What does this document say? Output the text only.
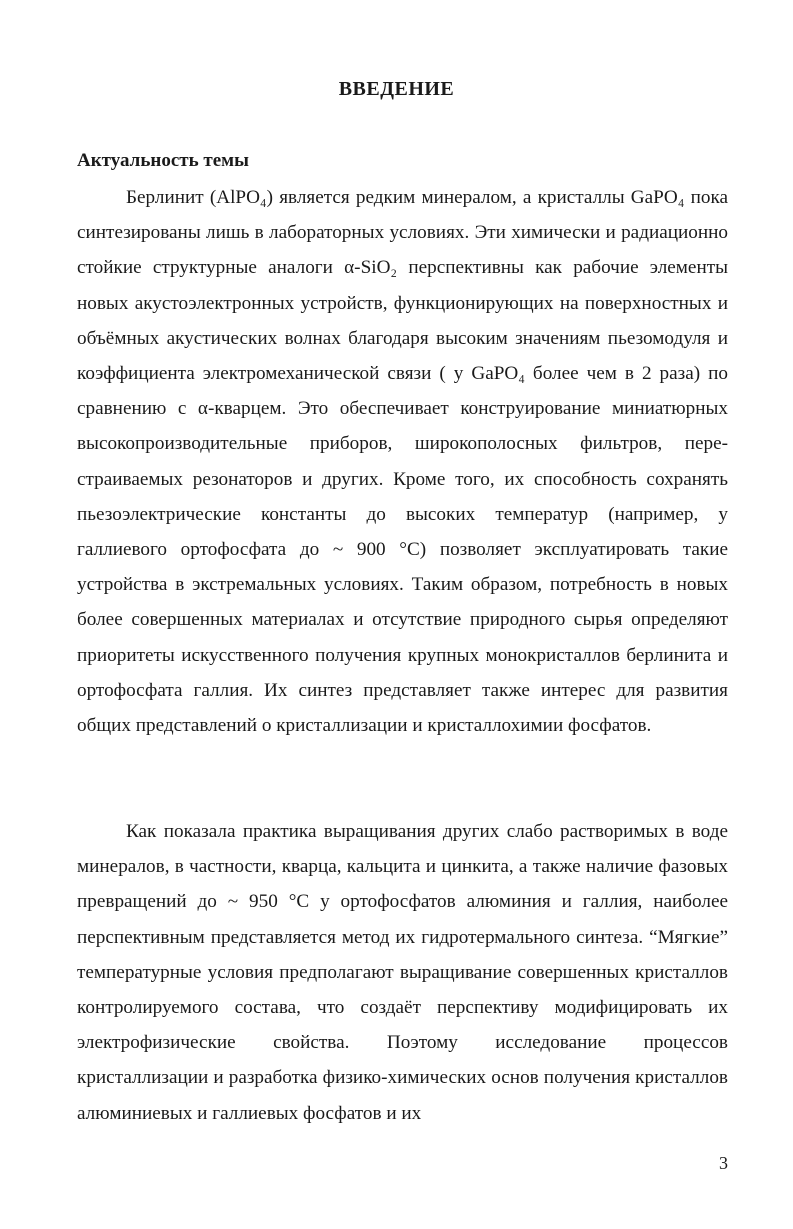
ВВЕДЕНИЕ
Актуальность темы

Берлинит (AlPO₄) является редким минералом, а кристаллы GaPO₄ пока синтезированы лишь в лабораторных условиях. Эти химически и радиационно стойкие структурные аналоги α-SiO₂ перспективны как рабочие элементы новых акустоэлектронных устройств, функционирующих на поверхностных и объёмных акустических волнах благодаря высоким значениям пьезомодуля и коэффициента электромеханической связи ( у GaPO₄ более чем в 2 раза) по сравнению с α-кварцем. Это обеспечивает конструирование миниатюрных высокопроизводительные приборов, широкополосных фильтров, перестраиваемых резонаторов и других. Кроме того, их способность сохранять пьезоэлектрические константы до высоких температур (например, у галлиевого ортофосфата до ~ 900 °С) позволяет эксплуатировать такие устройства в экстремальных условиях. Таким образом, потребность в новых более совершенных материалах и отсутствие природного сырья определяют приоритеты искусственного получения крупных монокристаллов берлинита и ортофосфата галлия. Их синтез представляет также интерес для развития общих представлений о кристаллизации и кристаллохимии фосфатов.

Как показала практика выращивания других слабо растворимых в воде минералов, в частности, кварца, кальцита и цинкита, а также наличие фазовых превращений до ~ 950 °С у ортофосфатов алюминия и галлия, наиболее перспективным представляется метод их гидротермального синтеза. “Мягкие” температурные условия предполагают выращивание совершенных кристаллов контролируемого состава, что создаёт перспективу модифицировать их электрофизические свойства. Поэтому исследование процессов кристаллизации и разработка физико-химических основ получения кристаллов алюминиевых и галлиевых фосфатов и их

3
